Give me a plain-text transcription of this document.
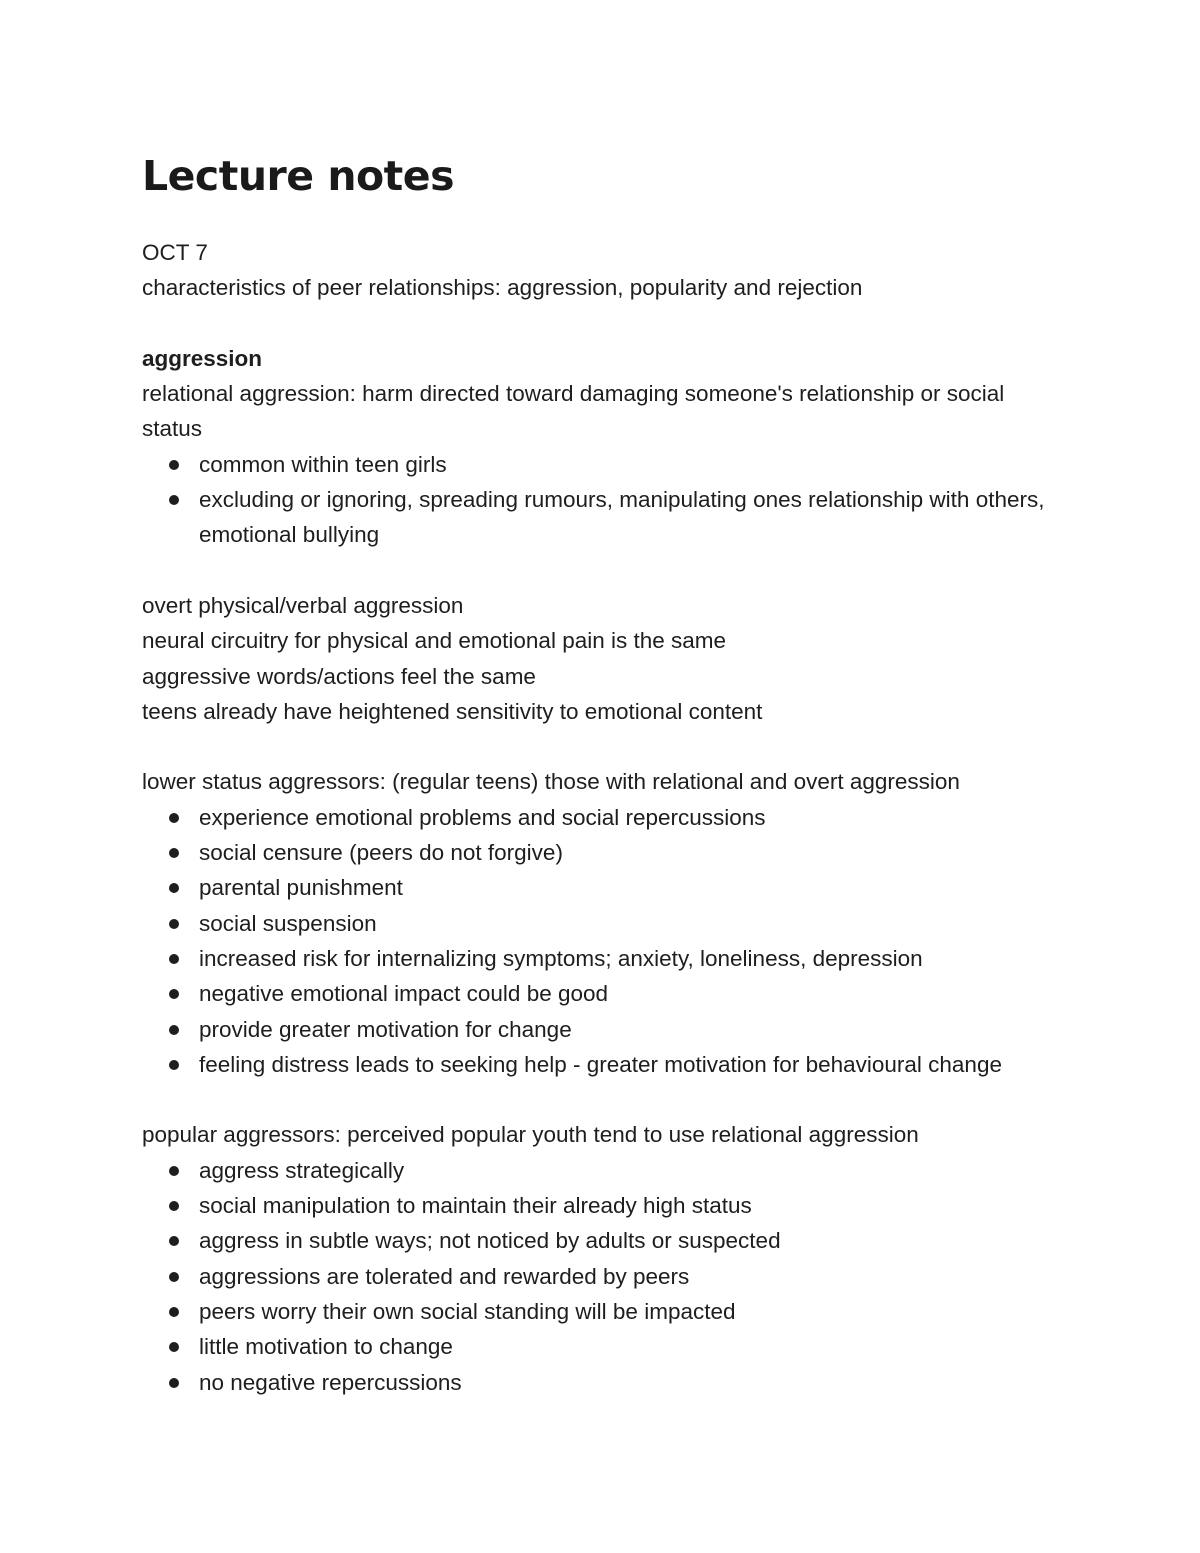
Lecture notes

OCT 7

characteristics of peer relationships: aggression, popularity and rejection

aggression

relational aggression: harm directed toward damaging someone's relationship or social status

common within teen girls
excluding or ignoring, spreading rumours, manipulating ones relationship with others, emotional bullying

overt physical/verbal aggression

neural circuitry for physical and emotional pain is the same

aggressive words/actions feel the same

teens already have heightened sensitivity to emotional content

lower status aggressors: (regular teens) those with relational and overt aggression

experience emotional problems and social repercussions
social censure (peers do not forgive)
parental punishment
social suspension
increased risk for internalizing symptoms; anxiety, loneliness, depression
negative emotional impact could be good
provide greater motivation for change
feeling distress leads to seeking help - greater motivation for behavioural change

popular aggressors: perceived popular youth tend to use relational aggression

aggress strategically
social manipulation to maintain their already high status
aggress in subtle ways; not noticed by adults or suspected
aggressions are tolerated and rewarded by peers
peers worry their own social standing will be impacted
little motivation to change
no negative repercussions
